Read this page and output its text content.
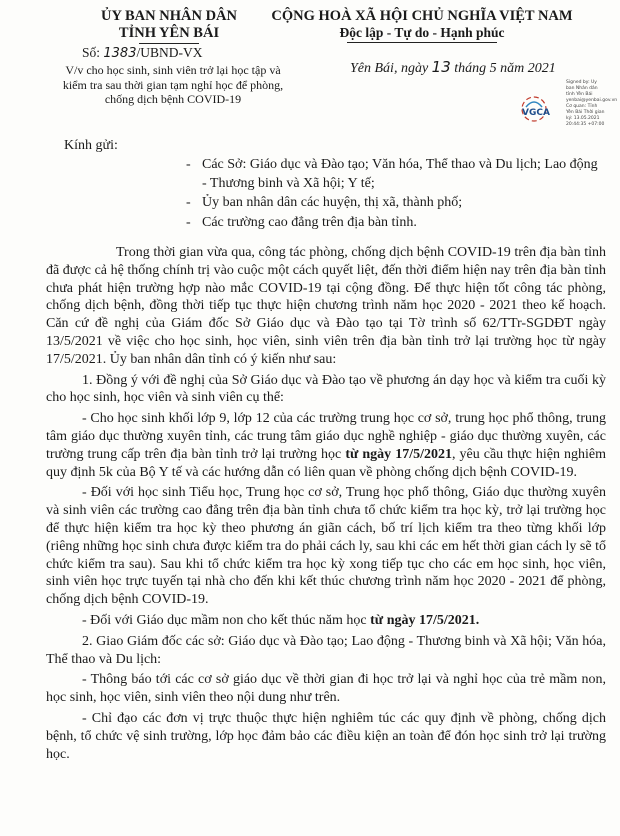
ỦY BAN NHÂN DÂN
TỈNH YÊN BÁI
Số: 1383/UBND-VX
V/v cho học sinh, sinh viên trở lại học tập và kiểm tra sau thời gian tạm nghỉ học để phòng, chống dịch bệnh COVID-19
CỘNG HOÀ XÃ HỘI CHỦ NGHĨA VIỆT NAM
Độc lập - Tự do - Hạnh phúc
Yên Bái, ngày 13 tháng 5 năm 2021
VGCA
Signed by: Uy ban Nhân dân tỉnh Yên Bái yenbai@yenbai.gov.vn Cơ quan: Tỉnh Yên Bái Thời gian ký: 13.05.2021 20:44:35 +07:00
Kính gửi:
- Các Sở: Giáo dục và Đào tạo; Văn hóa, Thể thao và Du lịch; Lao động - Thương binh và Xã hội; Y tế;
- Ủy ban nhân dân các huyện, thị xã, thành phố;
- Các trường cao đẳng trên địa bàn tỉnh.

Trong thời gian vừa qua, công tác phòng, chống dịch bệnh COVID-19 trên địa bàn tỉnh đã được cả hệ thống chính trị vào cuộc một cách quyết liệt, đến thời điểm hiện nay trên địa bàn tỉnh chưa phát hiện trường hợp nào mắc COVID-19 tại cộng đồng. Để thực hiện tốt công tác phòng, chống dịch bệnh, đồng thời tiếp tục thực hiện chương trình năm học 2020 - 2021 theo kế hoạch. Căn cứ đề nghị của Giám đốc Sở Giáo dục và Đào tạo tại Tờ trình số 62/TTr-SGDĐT ngày 13/5/2021 về việc cho học sinh, học viên, sinh viên trên địa bàn tỉnh trở lại trường học từ ngày 17/5/2021. Ủy ban nhân dân tỉnh có ý kiến như sau:

1. Đồng ý với đề nghị của Sở Giáo dục và Đào tạo về phương án dạy học và kiểm tra cuối kỳ cho học sinh, học viên và sinh viên cụ thể:

- Cho học sinh khối lớp 9, lớp 12 của các trường trung học cơ sở, trung học phổ thông, trung tâm giáo dục thường xuyên tỉnh, các trung tâm giáo dục nghề nghiệp - giáo dục thường xuyên, các trường trung cấp trên địa bàn tỉnh trở lại trường học từ ngày 17/5/2021, yêu cầu thực hiện nghiêm quy định 5k của Bộ Y tế và các hướng dẫn có liên quan về phòng chống dịch bệnh COVID-19.

- Đối với học sinh Tiểu học, Trung học cơ sở, Trung học phổ thông, Giáo dục thường xuyên và sinh viên các trường cao đẳng trên địa bàn tỉnh chưa tổ chức kiểm tra học kỳ, trở lại trường học để thực hiện kiểm tra học kỳ theo phương án giãn cách, bố trí lịch kiểm tra theo từng khối lớp (riêng những học sinh chưa được kiểm tra do phải cách ly, sau khi các em hết thời gian cách ly sẽ tổ chức kiểm tra sau). Sau khi tổ chức kiểm tra học kỳ xong tiếp tục cho các em học sinh, học viên, sinh viên học trực tuyến tại nhà cho đến khi kết thúc chương trình năm học 2020 - 2021 để phòng, chống dịch bệnh COVID-19.

- Đối với Giáo dục mầm non cho kết thúc năm học từ ngày 17/5/2021.

2. Giao Giám đốc các sở: Giáo dục và Đào tạo; Lao động - Thương binh và Xã hội; Văn hóa, Thể thao và Du lịch:

- Thông báo tới các cơ sở giáo dục về thời gian đi học trở lại và nghỉ học của trẻ mầm non, học sinh, học viên, sinh viên theo nội dung như trên.

- Chỉ đạo các đơn vị trực thuộc thực hiện nghiêm túc các quy định về phòng, chống dịch bệnh, tổ chức vệ sinh trường, lớp học đảm bảo các điều kiện an toàn để đón học sinh trở lại trường học.
